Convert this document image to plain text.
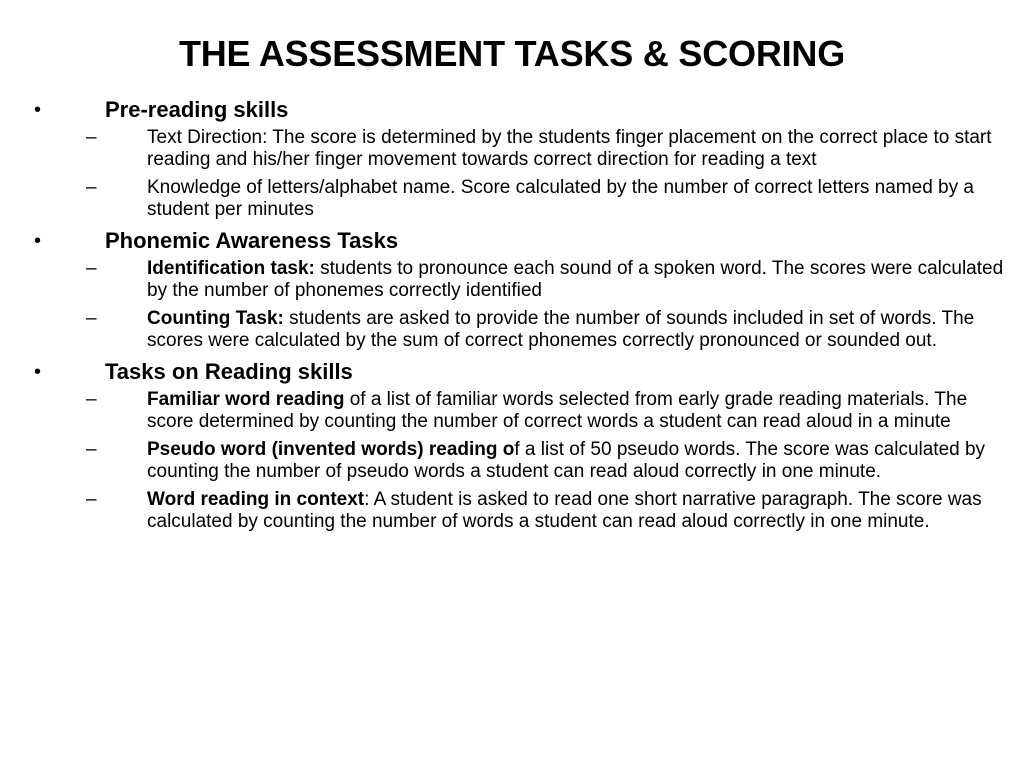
THE ASSESSMENT TASKS & SCORING
•	Pre-reading skills
–	Text Direction: The score is determined by the students finger placement on the correct place to start reading and his/her finger movement towards correct direction for reading a text
–	Knowledge of letters/alphabet name. Score calculated by the number of correct letters named by a student per minutes
•	Phonemic Awareness Tasks
–	Identification task: students to pronounce each sound of a spoken word. The scores were calculated by the number of phonemes correctly identified
–	Counting Task: students are asked to provide the number of sounds included in set of words. The scores were calculated by the sum of correct phonemes correctly pronounced or sounded out.
•	Tasks on Reading skills
–	Familiar word reading of a list of familiar words selected from early grade reading materials. The score determined by counting the number of correct words a student can read aloud in a minute
–	Pseudo word (invented words) reading of a list of 50 pseudo words. The score was calculated by counting the number of pseudo words a student can read aloud correctly in one minute.
–	Word reading in context: A student is asked to read one short narrative paragraph. The score was calculated by counting the number of words a student can read aloud correctly in one minute.
